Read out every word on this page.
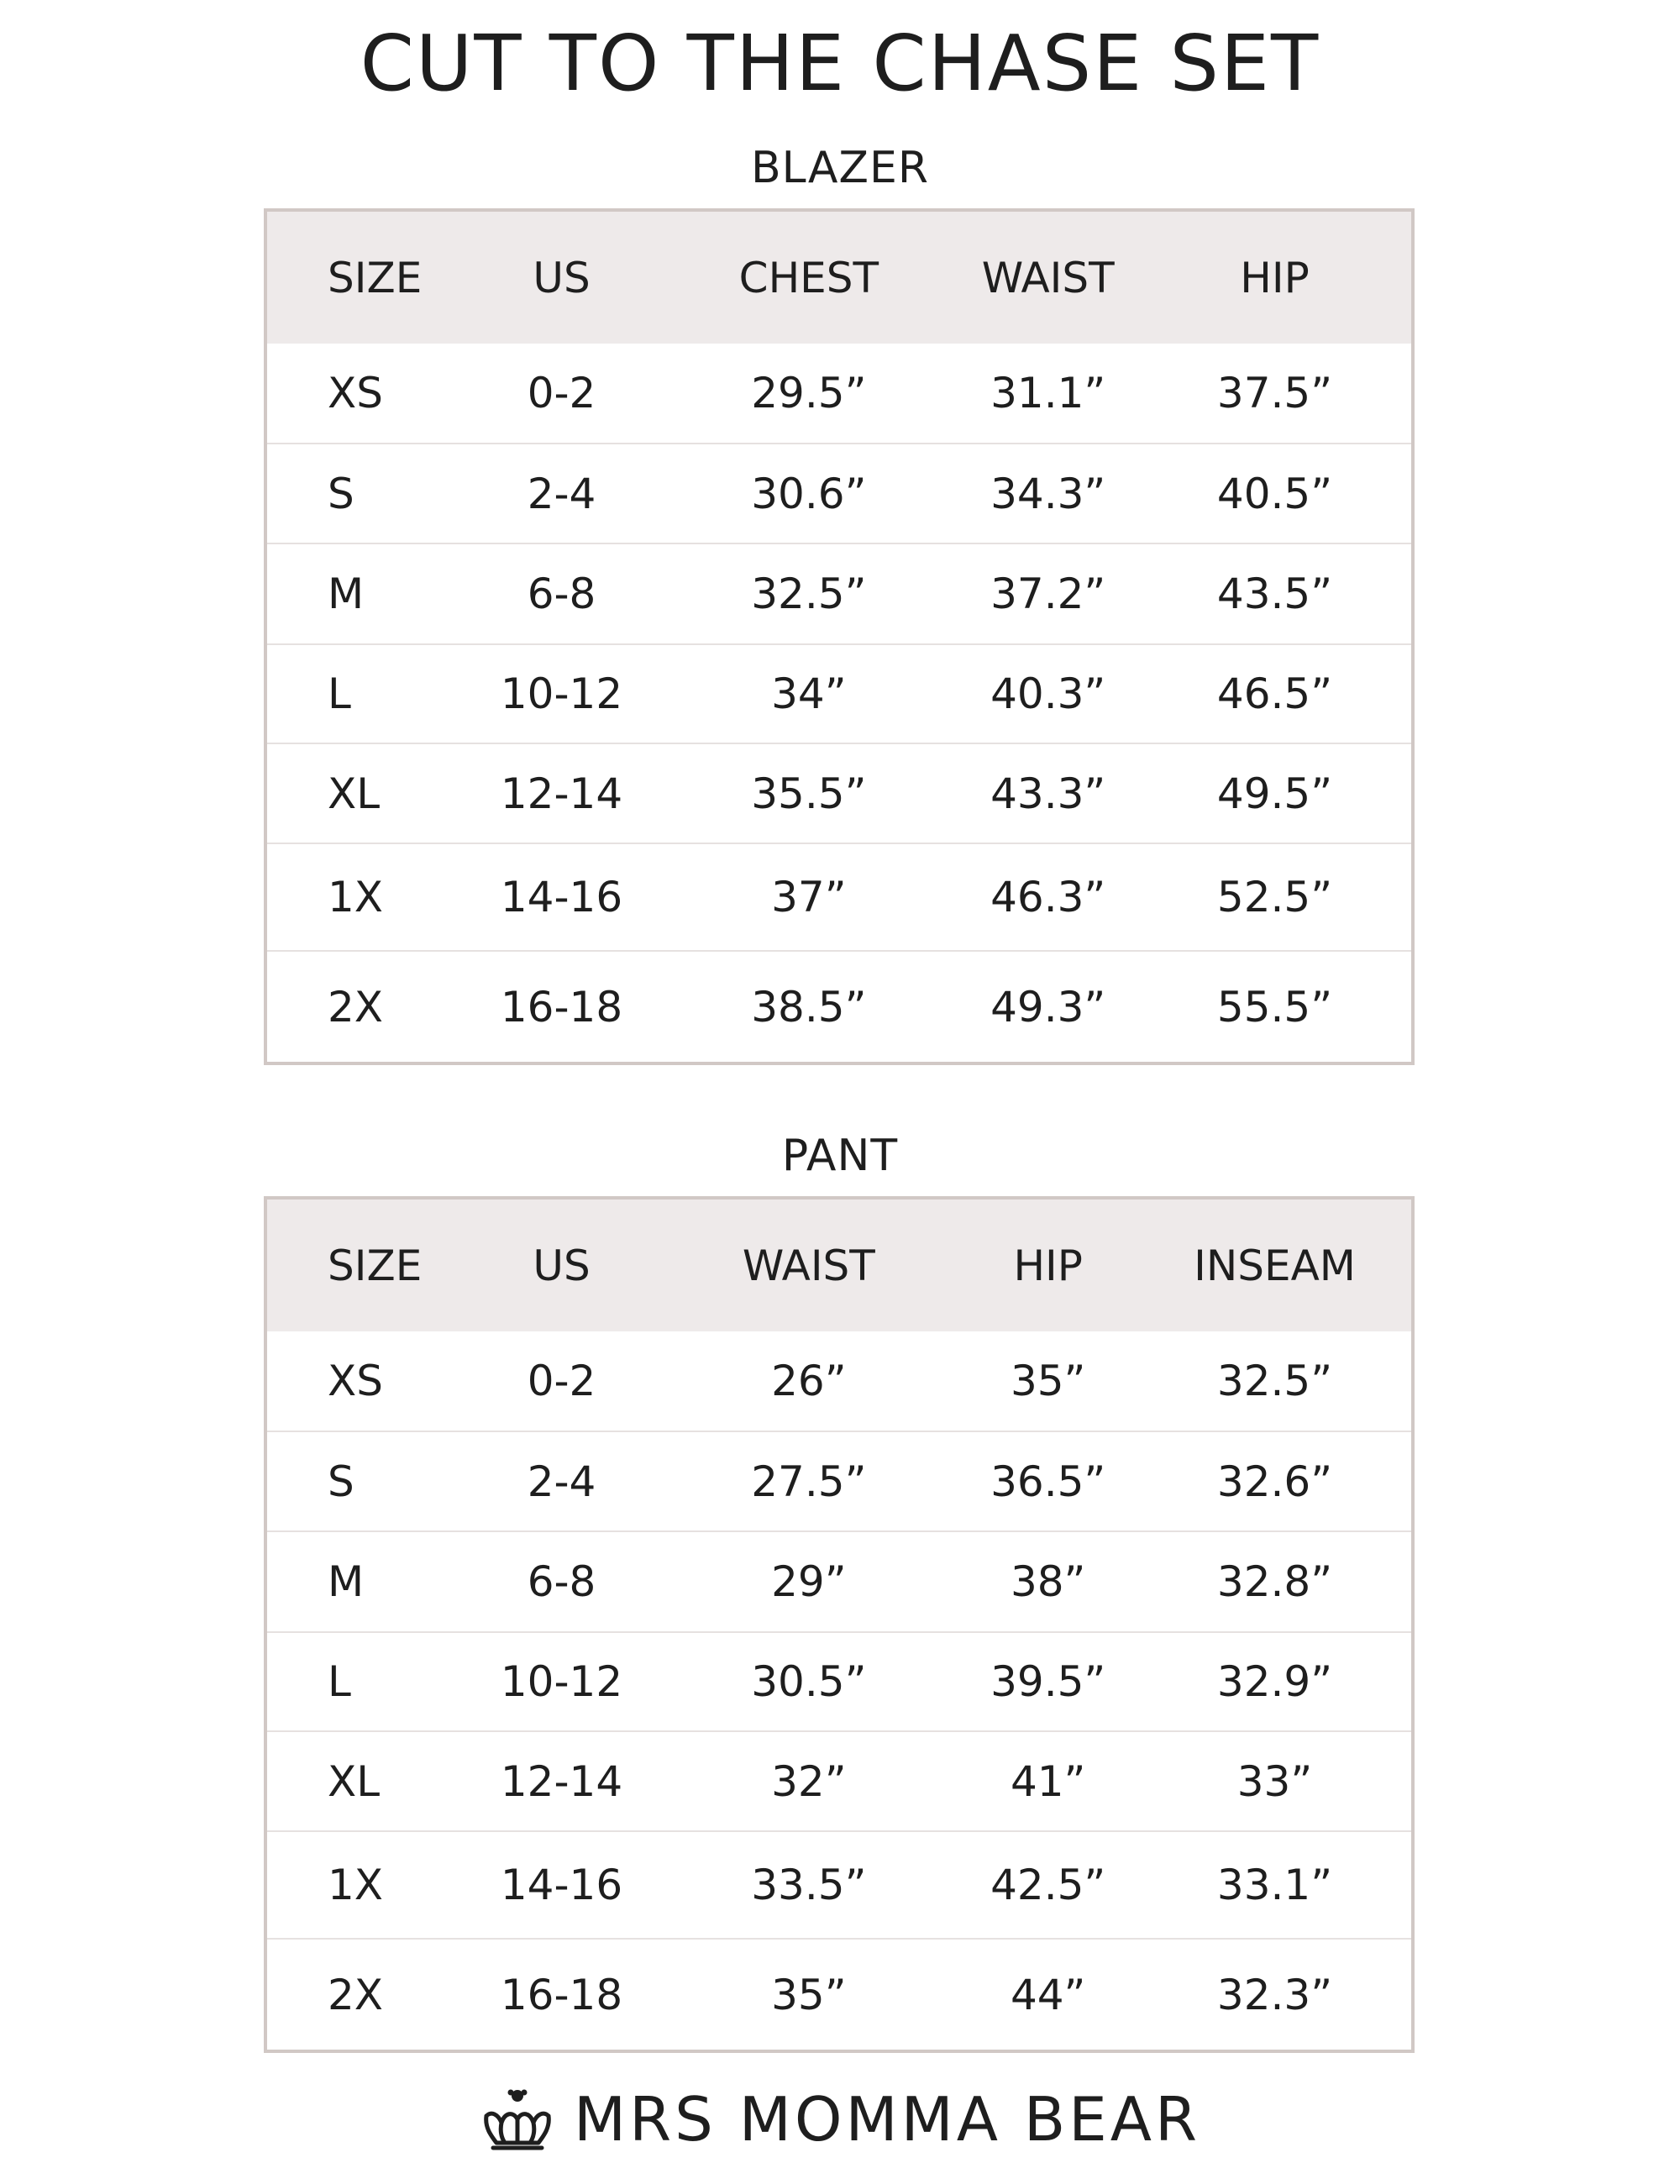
CUT TO THE CHASE SET
BLAZER
SIZE	US	CHEST	WAIST	HIP
XS	0-2	29.5”	31.1”	37.5”
S	2-4	30.6”	34.3”	40.5”
M	6-8	32.5”	37.2”	43.5”
L	10-12	34”	40.3”	46.5”
XL	12-14	35.5”	43.3”	49.5”
1X	14-16	37”	46.3”	52.5”
2X	16-18	38.5”	49.3”	55.5”
PANT
SIZE	US	WAIST	HIP	INSEAM
XS	0-2	26”	35”	32.5”
S	2-4	27.5”	36.5”	32.6”
M	6-8	29”	38”	32.8”
L	10-12	30.5”	39.5”	32.9”
XL	12-14	32”	41”	33”
1X	14-16	33.5”	42.5”	33.1”
2X	16-18	35”	44”	32.3”
MRS MOMMA BEAR
